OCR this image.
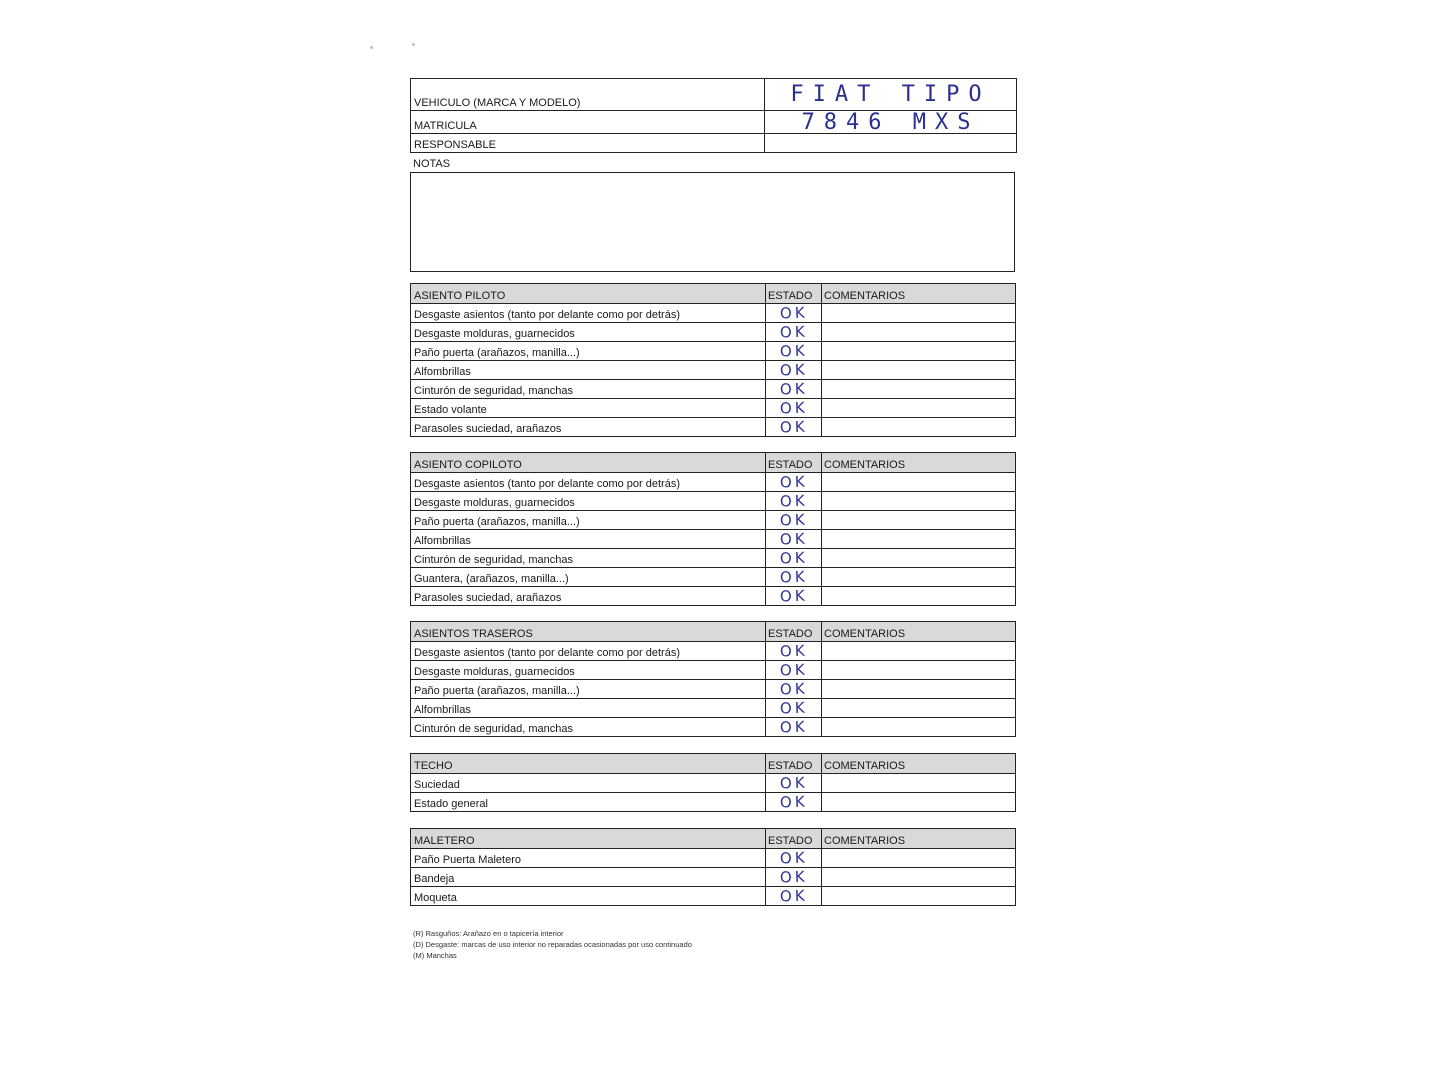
VEHICULO (MARCA Y MODELO)	FIAT TIPO
MATRICULA	7846 MXS
RESPONSABLE
NOTAS
ASIENTO PILOTO	ESTADO	COMENTARIOS
Desgaste asientos (tanto por delante como por detrás)	OK
Desgaste molduras, guarnecidos	OK
Paño puerta (arañazos, manilla...)	OK
Alfombrillas	OK
Cinturón de seguridad, manchas	OK
Estado volante	OK
Parasoles suciedad, arañazos	OK
ASIENTO COPILOTO	ESTADO	COMENTARIOS
Desgaste asientos (tanto por delante como por detrás)	OK
Desgaste molduras, guarnecidos	OK
Paño puerta (arañazos, manilla...)	OK
Alfombrillas	OK
Cinturón de seguridad, manchas	OK
Guantera, (arañazos, manilla...)	OK
Parasoles suciedad, arañazos	OK
ASIENTOS TRASEROS	ESTADO	COMENTARIOS
Desgaste asientos (tanto por delante como por detrás)	OK
Desgaste molduras, guarnecidos	OK
Paño puerta (arañazos, manilla...)	OK
Alfombrillas	OK
Cinturón de seguridad, manchas	OK
TECHO	ESTADO	COMENTARIOS
Suciedad	OK
Estado general	OK
MALETERO	ESTADO	COMENTARIOS
Paño Puerta Maletero	OK
Bandeja	OK
Moqueta	OK
(R) Rasguños: Arañazo en o tapicería interior
(D) Desgaste: marcas de uso interior no reparadas ocasionadas por uso continuado
(M) Manchas
